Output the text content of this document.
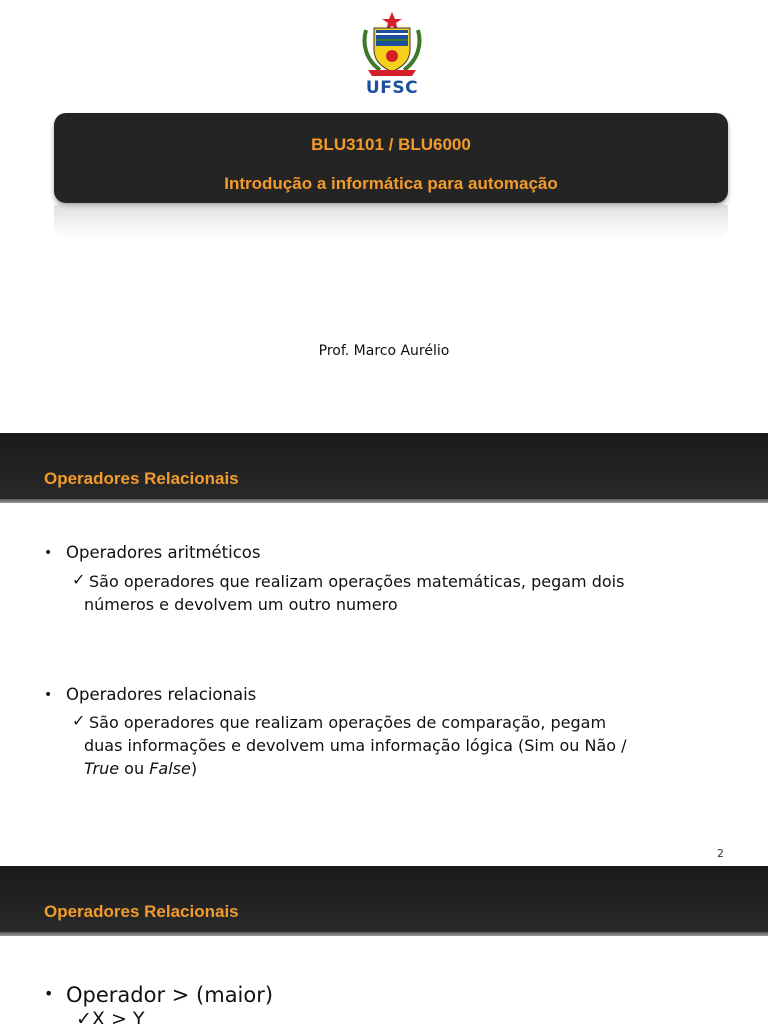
UFSC
BLU3101 / BLU6000
Introdução a informática para automação
Prof. Marco Aurélio
Operadores Relacionais
• Operadores aritméticos
✓ São operadores que realizam operações matemáticas, pegam dois
números e devolvem um outro numero
• Operadores relacionais
✓ São operadores que realizam operações de comparação, pegam
duas informações e devolvem uma informação lógica (Sim ou Não /
True ou False)
2
Operadores Relacionais
• Operador > (maior)
✓X > Y
